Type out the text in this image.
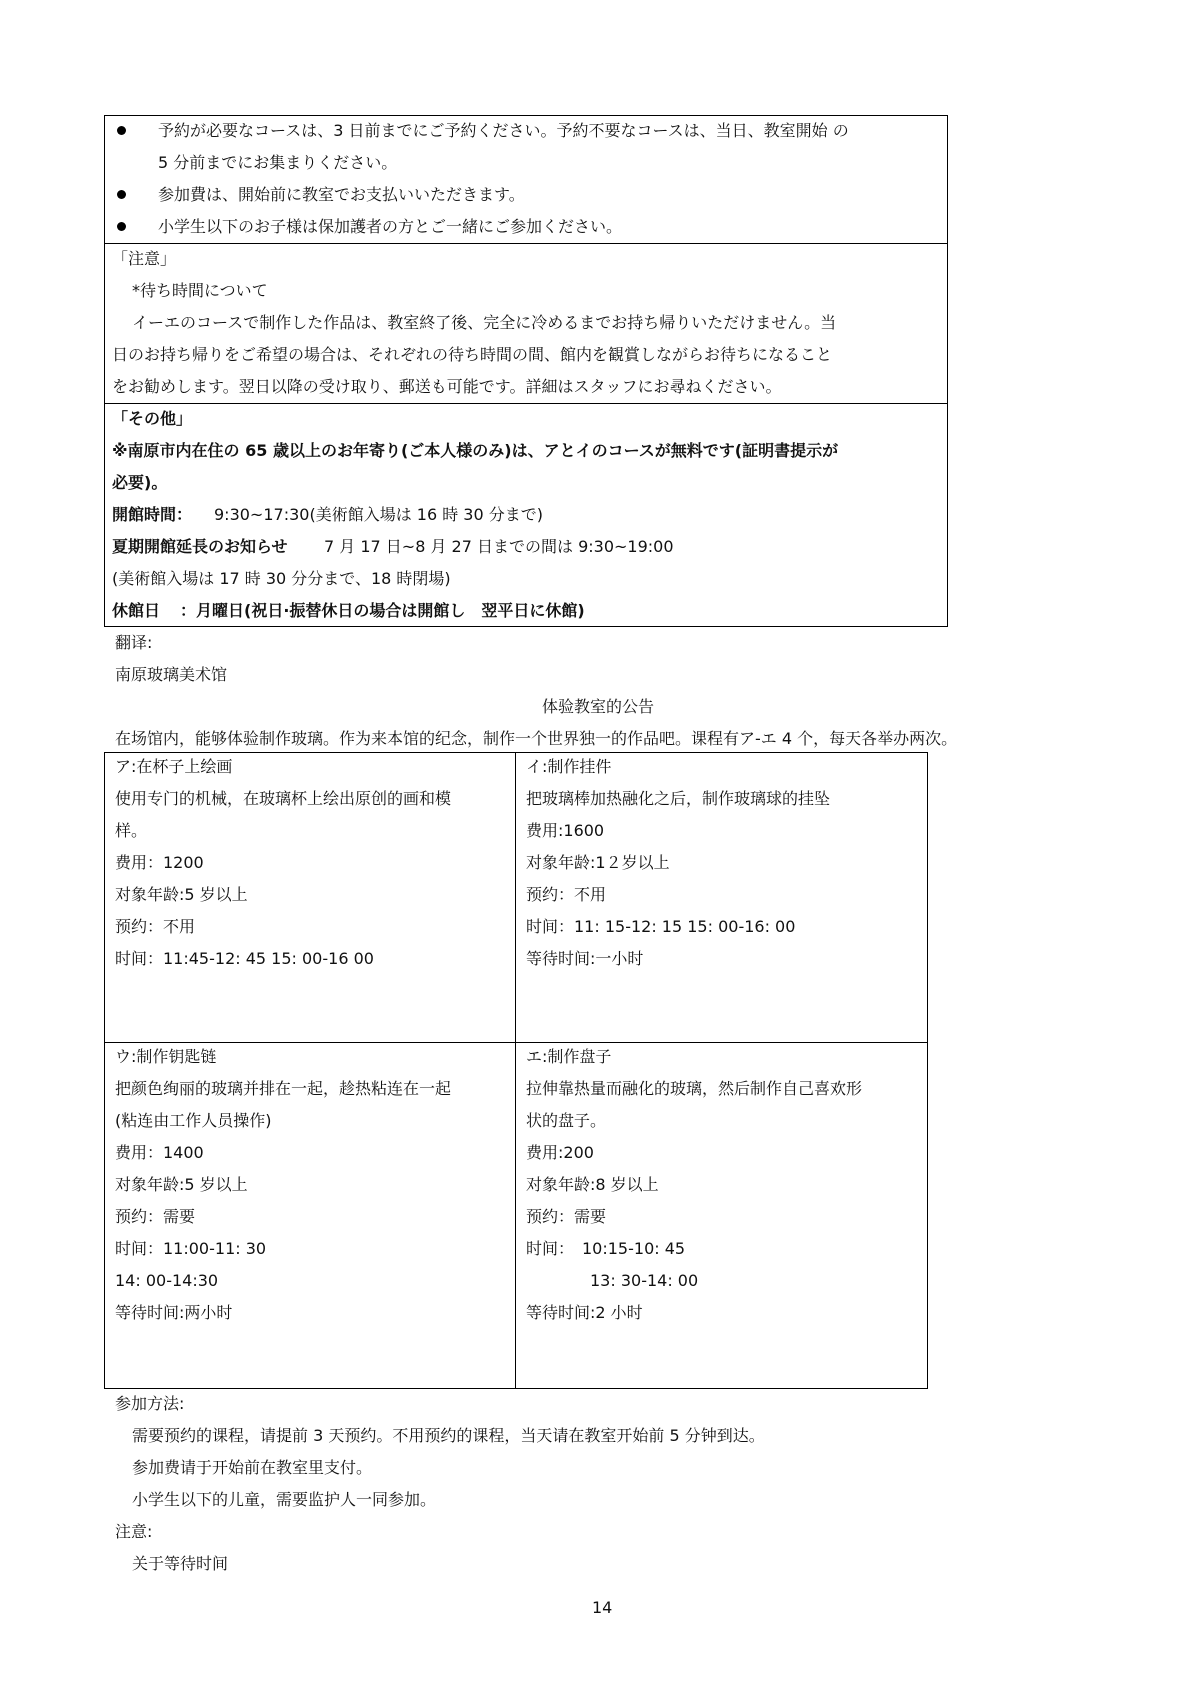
予約が必要なコースは、3 日前までにご予約ください。予約不要なコースは、当日、教室開始 の
5 分前までにお集まりください。
参加費は、開始前に教室でお支払いいただきます。
小学生以下のお子様は保加護者の方とご一緒にご参加ください。
「注意」
*待ち時間について
イーエのコースで制作した作品は、教室終了後、完全に冷めるまでお持ち帰りいただけません。当
日のお持ち帰りをご希望の場合は、それぞれの待ち時間の間、館内を観賞しながらお待ちになること
をお勧めします。翌日以降の受け取り、郵送も可能です。詳細はスタッフにお尋ねください。
「その他」
※南原市内在住の 65 歳以上のお年寄り(ご本人様のみ)は、アとイのコースが無料です(証明書提示が
必要)。
開館時間： 9:30~17:30(美術館入場は 16 時 30 分まで)
夏期開館延長のお知らせ 7 月 17 日~8 月 27 日までの間は 9:30~19:00
(美術館入場は 17 時 30 分分まで、18 時閉場)
休館日 ：月曜日(祝日·振替休日の場合は開館し　翌平日に休館)
翻译:
南原玻璃美术馆
体验教室的公告
在场馆内，能够体验制作玻璃。作为来本馆的纪念，制作一个世界独一的作品吧。课程有ア-エ 4 个，每天各举办两次。
ア:在杯子上绘画
使用专门的机械，在玻璃杯上绘出原创的画和模
样。
费用：1200
对象年龄:5 岁以上
预约：不用
时间：11:45-12: 45 15: 00-16 00
イ:制作挂件
把玻璃棒加热融化之后，制作玻璃球的挂坠
费用:1600
对象年龄:1２岁以上
预约：不用
时间：11: 15-12: 15 15: 00-16: 00
等待时间:一小时
ウ:制作钥匙链
把颜色绚丽的玻璃并排在一起，趁热粘连在一起
(粘连由工作人员操作)
费用：1400
对象年龄:5 岁以上
预约：需要
时间：11:00-11: 30
14: 00-14:30
等待时间:两小时
エ:制作盘子
拉伸靠热量而融化的玻璃，然后制作自己喜欢形
状的盘子。
费用:200
对象年龄:8 岁以上
预约：需要
时间：　10:15-10: 45
　　　　13: 30-14: 00
等待时间:2 小时
参加方法:
需要预约的课程，请提前 3 天预约。不用预约的课程，当天请在教室开始前 5 分钟到达。
参加费请于开始前在教室里支付。
小学生以下的儿童，需要监护人一同参加。
注意:
关于等待时间
14
